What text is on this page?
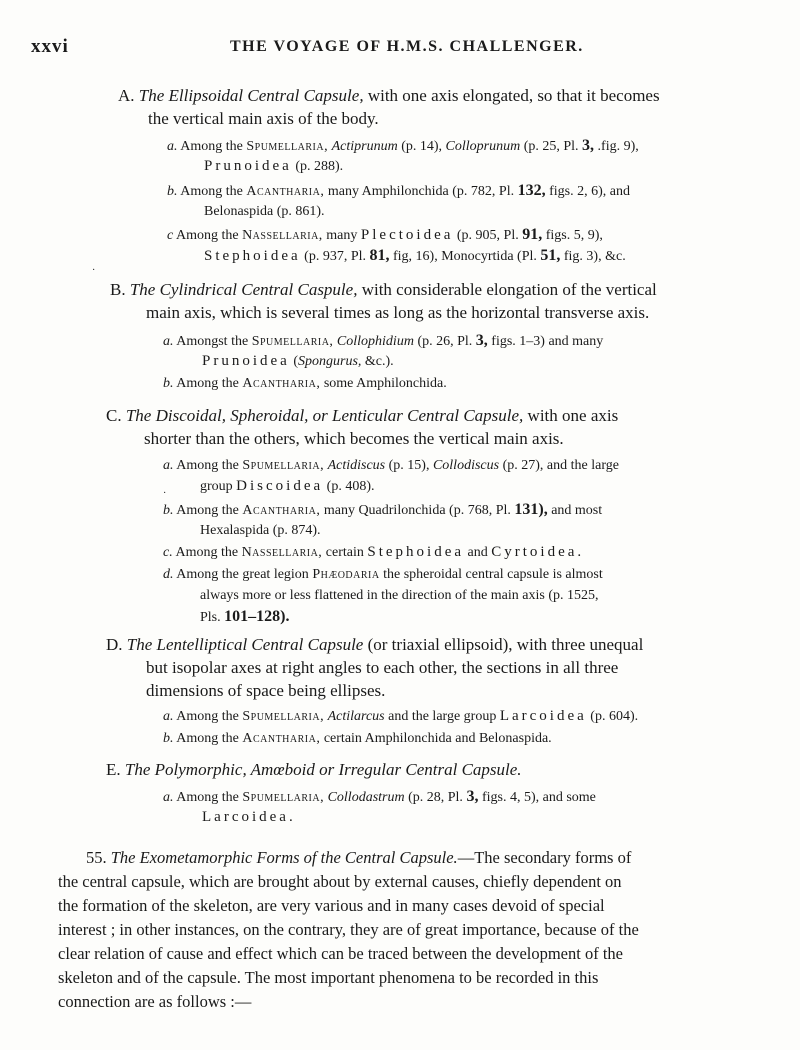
xxvi	THE VOYAGE OF H.M.S. CHALLENGER.
A. The Ellipsoidal Central Capsule, with one axis elongated, so that it becomes
the vertical main axis of the body.
a. Among the Spumellaria, Actiprunum (p. 14), Colloprunum (p. 25, Pl. 3, .fig. 9),
Prunoidea (p. 288).
b. Among the Acantharia, many Amphilonchida (p. 782, Pl. 132, figs. 2, 6), and
Belonaspida (p. 861).
c Among the Nassellaria, many Plectoidea (p. 905, Pl. 91, figs. 5, 9),
Stephoidea (p. 937, Pl. 81, fig, 16), Monocyrtida (Pl. 51, fig. 3), &c.
·
B. The Cylindrical Central Caspule, with considerable elongation of the vertical
main axis, which is several times as long as the horizontal transverse axis.
a. Amongst the Spumellaria, Collophidium (p. 26, Pl. 3, figs. 1–3) and many
Prunoidea (Spongurus, &c.).
b. Among the Acantharia, some Amphilonchida.
C. The Discoidal, Spheroidal, or Lenticular Central Capsule, with one axis
shorter than the others, which becomes the vertical main axis.
a. Among the Spumellaria, Actidiscus (p. 15), Collodiscus (p. 27), and the large
group Discoidea (p. 408).
·
b. Among the Acantharia, many Quadrilonchida (p. 768, Pl. 131), and most
Hexalaspida (p. 874).
c. Among the Nassellaria, certain Stephoidea and Cyrtoidea.
d. Among the great legion Phæodaria the spheroidal central capsule is almost
always more or less flattened in the direction of the main axis (p. 1525,
Pls. 101–128).
D. The Lentelliptical Central Capsule (or triaxial ellipsoid), with three unequal
but isopolar axes at right angles to each other, the sections in all three
dimensions of space being ellipses.
a. Among the Spumellaria, Actilarcus and the large group Larcoidea (p. 604).
b. Among the Acantharia, certain Amphilonchida and Belonaspida.
E. The Polymorphic, Amœboid or Irregular Central Capsule.
a. Among the Spumellaria, Collodastrum (p. 28, Pl. 3, figs. 4, 5), and some
Larcoidea.
55. The Exometamorphic Forms of the Central Capsule.—The secondary forms of
the central capsule, which are brought about by external causes, chiefly dependent on
the formation of the skeleton, are very various and in many cases devoid of special
interest ; in other instances, on the contrary, they are of great importance, because of the
clear relation of cause and effect which can be traced between the development of the
skeleton and of the capsule. The most important phenomena to be recorded in this
connection are as follows :—
